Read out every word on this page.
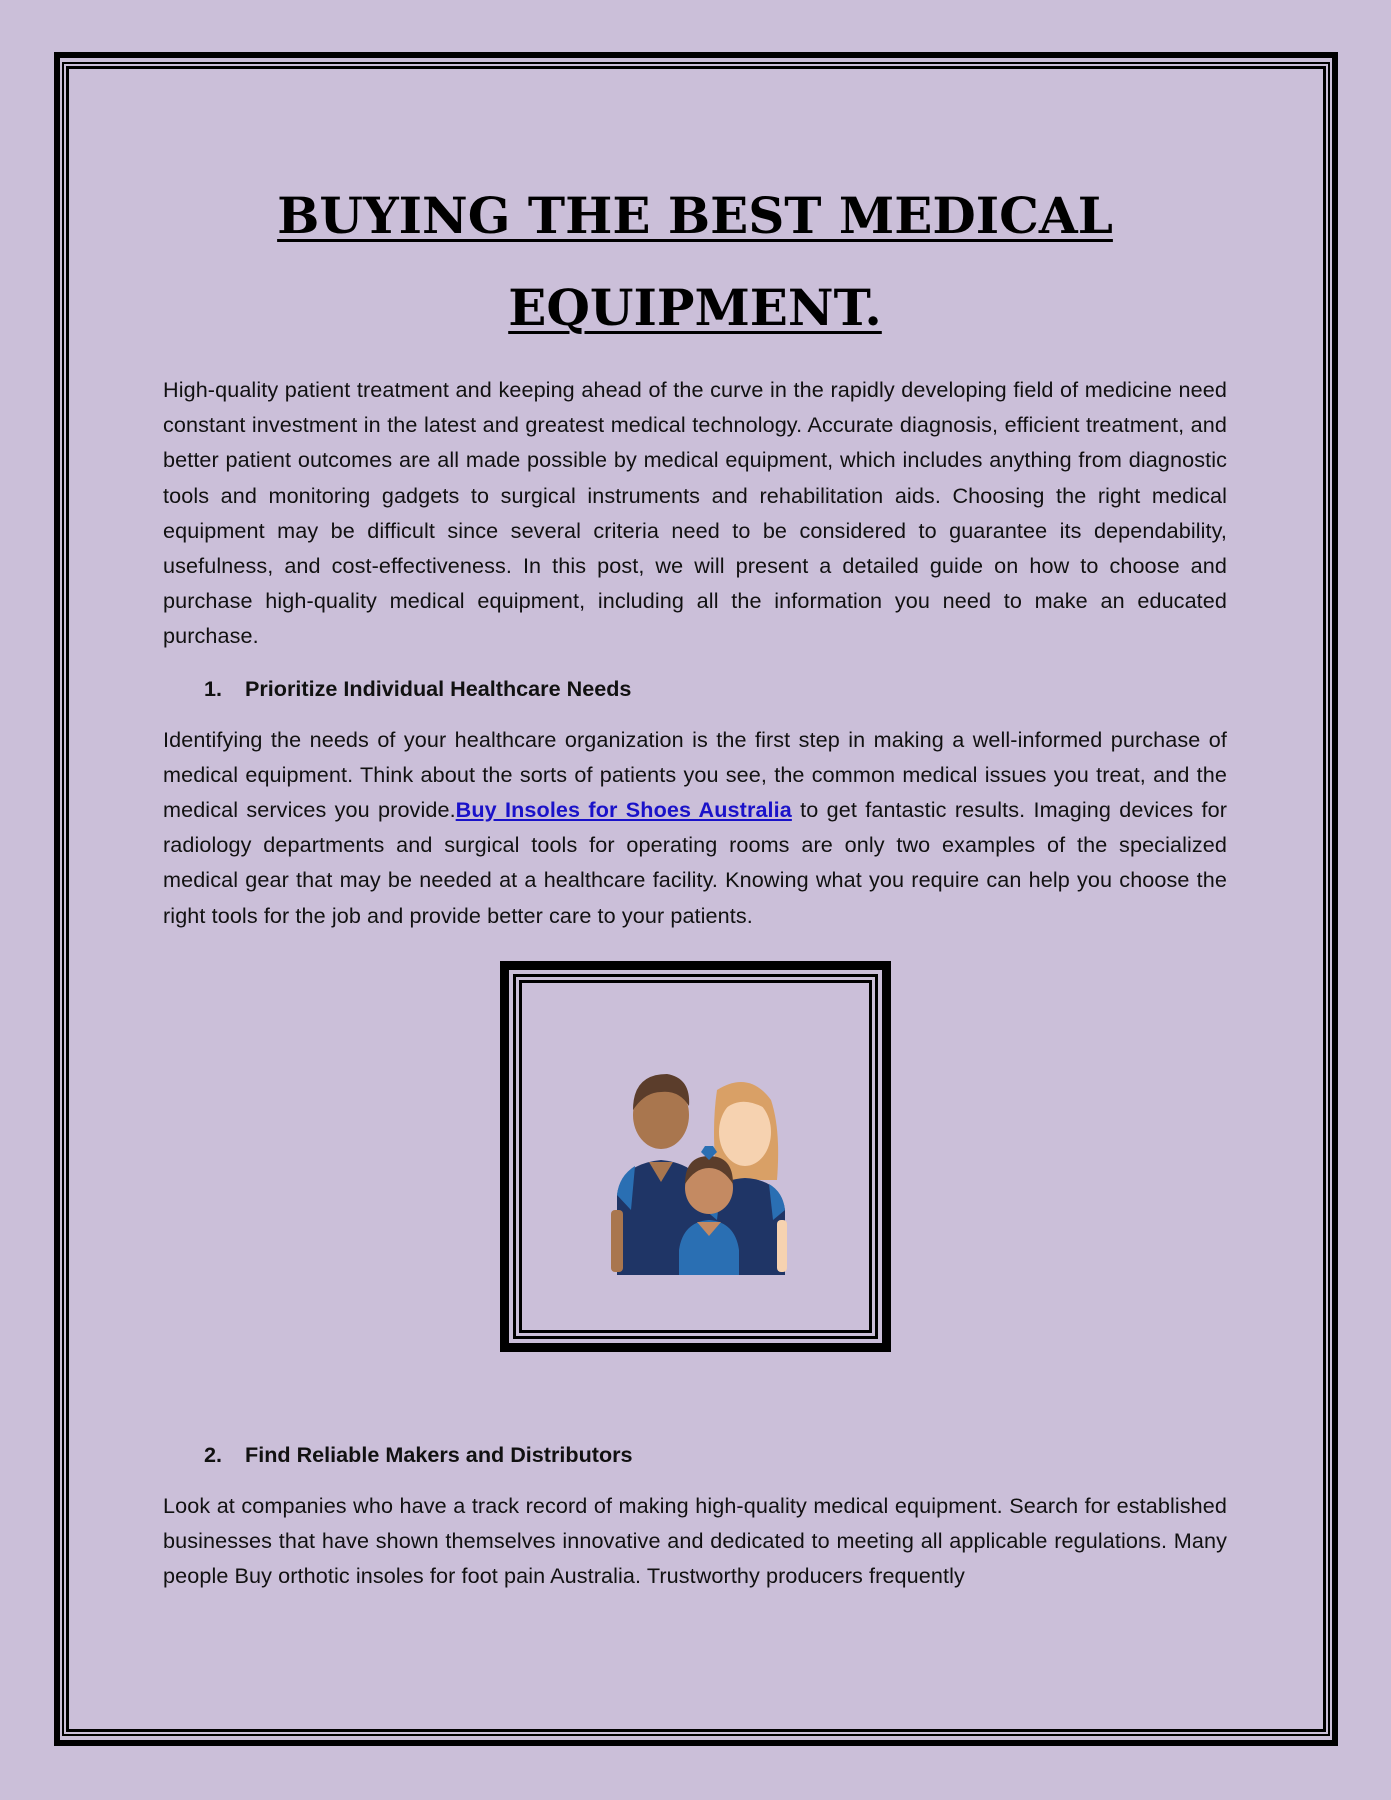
BUYING THE BEST MEDICAL
EQUIPMENT.

High-quality patient treatment and keeping ahead of the curve in the rapidly developing field of medicine need constant investment in the latest and greatest medical technology. Accurate diagnosis, efficient treatment, and better patient outcomes are all made possible by medical equipment, which includes anything from diagnostic tools and monitoring gadgets to surgical instruments and rehabilitation aids. Choosing the right medical equipment may be difficult since several criteria need to be considered to guarantee its dependability, usefulness, and cost-effectiveness. In this post, we will present a detailed guide on how to choose and purchase high-quality medical equipment, including all the information you need to make an educated purchase.

1. Prioritize Individual Healthcare Needs

Identifying the needs of your healthcare organization is the first step in making a well-informed purchase of medical equipment. Think about the sorts of patients you see, the common medical issues you treat, and the medical services you provide.Buy Insoles for Shoes Australia to get fantastic results. Imaging devices for radiology departments and surgical tools for operating rooms are only two examples of the specialized medical gear that may be needed at a healthcare facility. Knowing what you require can help you choose the right tools for the job and provide better care to your patients.

2. Find Reliable Makers and Distributors

Look at companies who have a track record of making high-quality medical equipment. Search for established businesses that have shown themselves innovative and dedicated to meeting all applicable regulations. Many people Buy orthotic insoles for foot pain Australia. Trustworthy producers frequently
